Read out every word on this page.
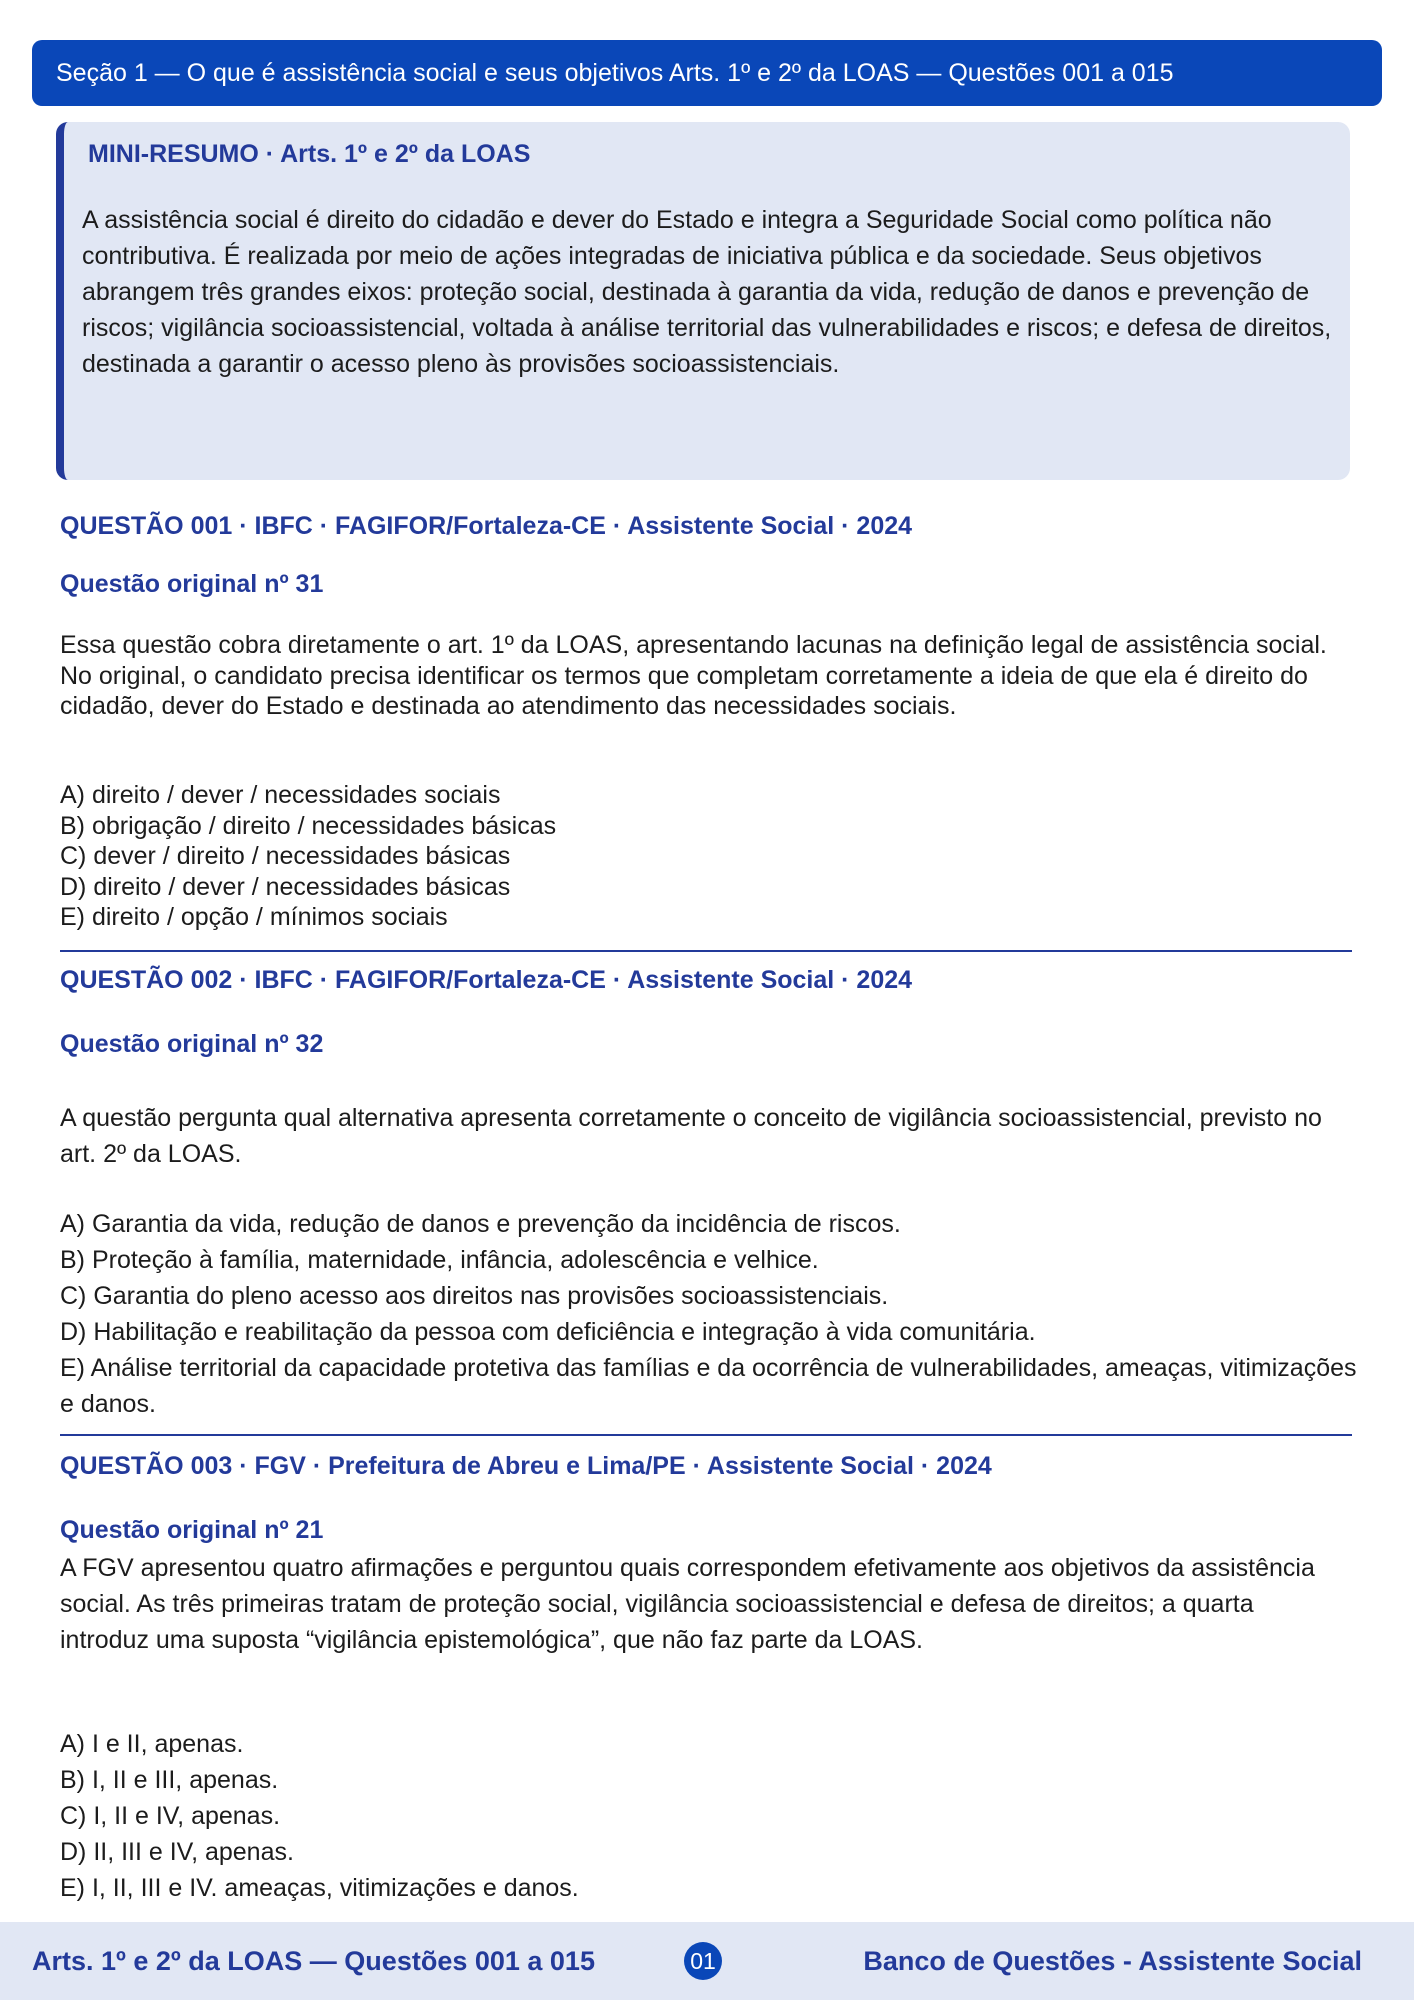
Seção 1 — O que é assistência social e seus objetivos Arts. 1º e 2º da LOAS — Questões 001 a 015
MINI-RESUMO · Arts. 1º e 2º da LOAS
A assistência social é direito do cidadão e dever do Estado e integra a Seguridade Social como política não contributiva. É realizada por meio de ações integradas de iniciativa pública e da sociedade. Seus objetivos abrangem três grandes eixos: proteção social, destinada à garantia da vida, redução de danos e prevenção de riscos; vigilância socioassistencial, voltada à análise territorial das vulnerabilidades e riscos; e defesa de direitos, destinada a garantir o acesso pleno às provisões socioassistenciais.
QUESTÃO 001 · IBFC · FAGIFOR/Fortaleza-CE · Assistente Social · 2024
Questão original nº 31
Essa questão cobra diretamente o art. 1º da LOAS, apresentando lacunas na definição legal de assistência social. No original, o candidato precisa identificar os termos que completam corretamente a ideia de que ela é direito do cidadão, dever do Estado e destinada ao atendimento das necessidades sociais.
A) direito / dever / necessidades sociais
B) obrigação / direito / necessidades básicas
C) dever / direito / necessidades básicas
D) direito / dever / necessidades básicas
E) direito / opção / mínimos sociais
QUESTÃO 002 · IBFC · FAGIFOR/Fortaleza-CE · Assistente Social · 2024
Questão original nº 32
A questão pergunta qual alternativa apresenta corretamente o conceito de vigilância socioassistencial, previsto no art. 2º da LOAS.
A) Garantia da vida, redução de danos e prevenção da incidência de riscos.
B) Proteção à família, maternidade, infância, adolescência e velhice.
C) Garantia do pleno acesso aos direitos nas provisões socioassistenciais.
D) Habilitação e reabilitação da pessoa com deficiência e integração à vida comunitária.
E) Análise territorial da capacidade protetiva das famílias e da ocorrência de vulnerabilidades, ameaças, vitimizações e danos.
QUESTÃO 003 · FGV · Prefeitura de Abreu e Lima/PE · Assistente Social · 2024
Questão original nº 21
A FGV apresentou quatro afirmações e perguntou quais correspondem efetivamente aos objetivos da assistência social. As três primeiras tratam de proteção social, vigilância socioassistencial e defesa de direitos; a quarta introduz uma suposta “vigilância epistemológica”, que não faz parte da LOAS.
A) I e II, apenas.
B) I, II e III, apenas.
C) I, II e IV, apenas.
D) II, III e IV, apenas.
E) I, II, III e IV. ameaças, vitimizações e danos.
Arts. 1º e 2º da LOAS — Questões 001 a 015	01	Banco de Questões - Assistente Social
